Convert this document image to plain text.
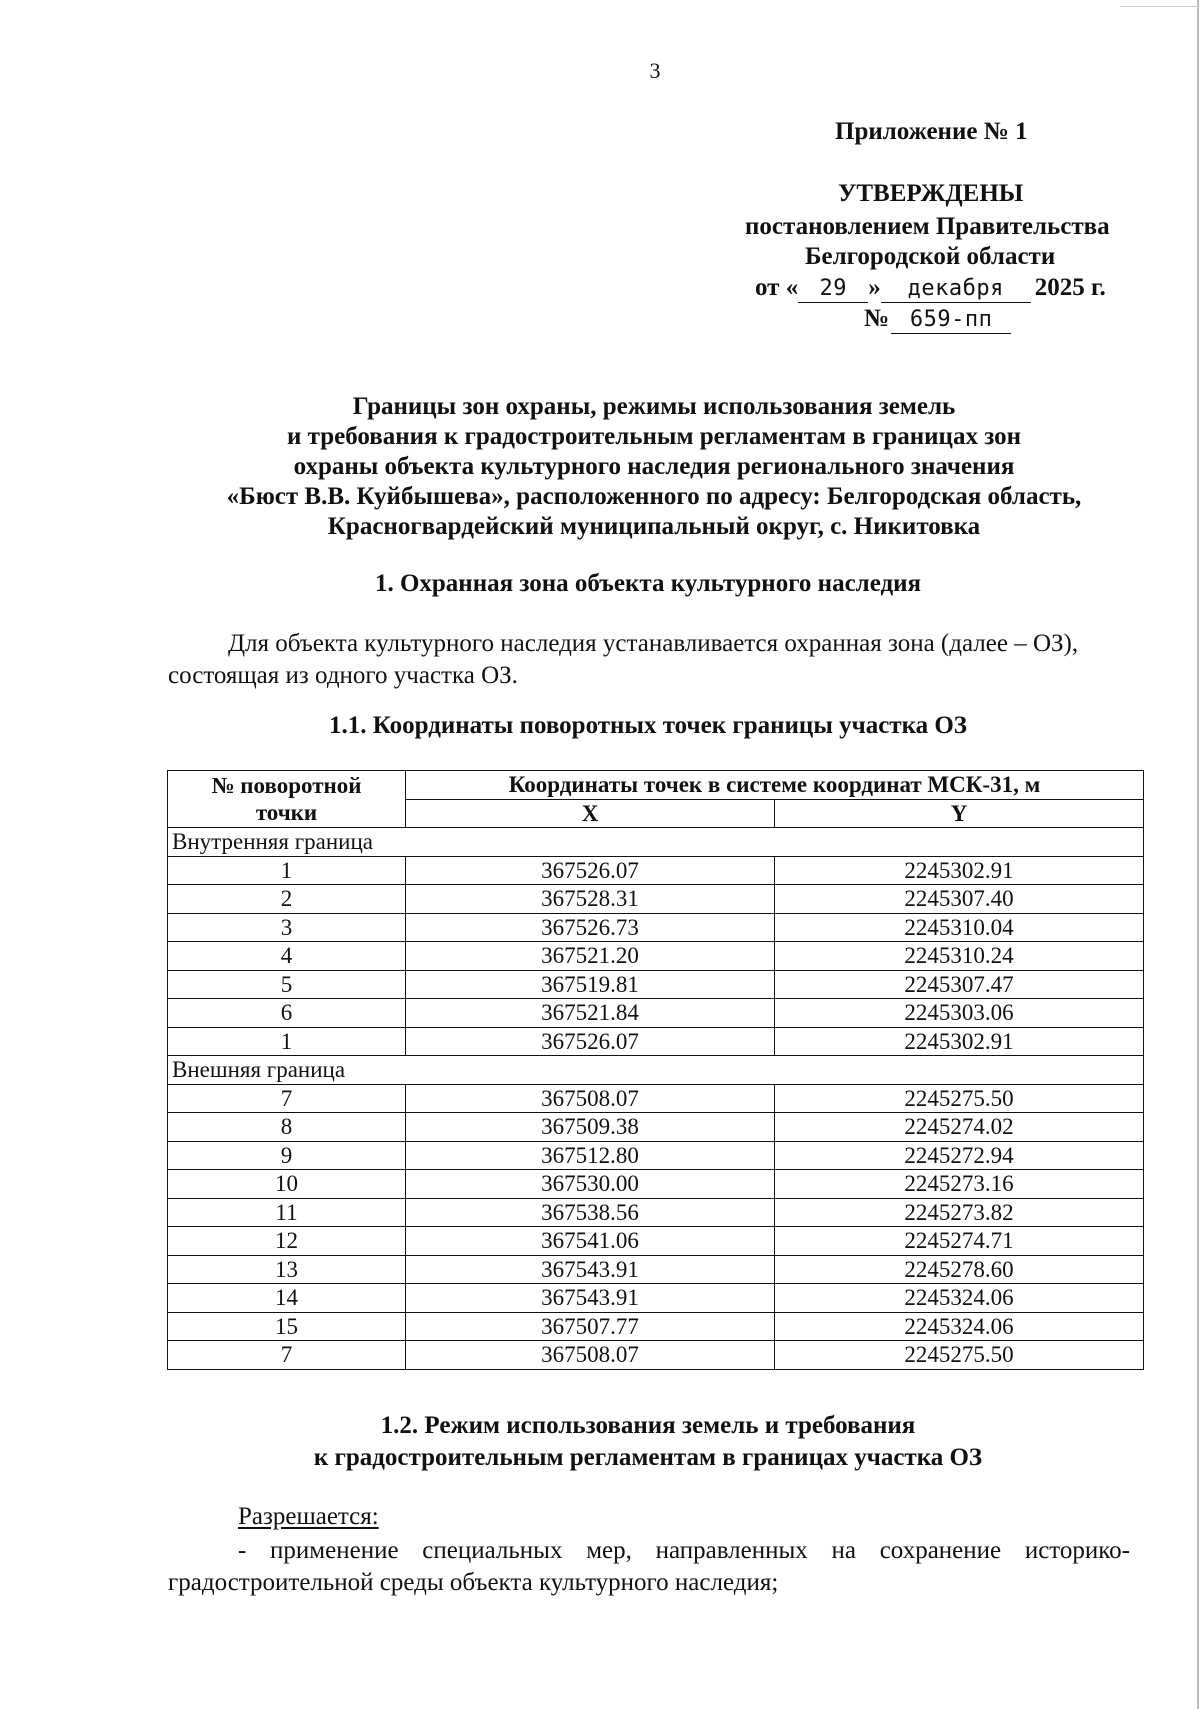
3
Приложение № 1
УТВЕРЖДЕНЫ
постановлением Правительства
Белгородской области
от « 29 » декабря 2025 г.
№ 659-пп
Границы зон охраны, режимы использования земель
и требования к градостроительным регламентам в границах зон
охраны объекта культурного наследия регионального значения
«Бюст В.В. Куйбышева», расположенного по адресу: Белгородская область,
Красногвардейский муниципальный округ, с. Никитовка
1. Охранная зона объекта культурного наследия
Для объекта культурного наследия устанавливается охранная зона (далее – ОЗ),
состоящая из одного участка ОЗ.
1.1. Координаты поворотных точек границы участка ОЗ
№ поворотной
точки	Координаты точек в системе координат МСК-31, м	
	X	Y
Внутренняя граница		
1	367526.07	2245302.91
2	367528.31	2245307.40
3	367526.73	2245310.04
4	367521.20	2245310.24
5	367519.81	2245307.47
6	367521.84	2245303.06
1	367526.07	2245302.91
Внешняя граница		
7	367508.07	2245275.50
8	367509.38	2245274.02
9	367512.80	2245272.94
10	367530.00	2245273.16
11	367538.56	2245273.82
12	367541.06	2245274.71
13	367543.91	2245278.60
14	367543.91	2245324.06
15	367507.77	2245324.06
7	367508.07	2245275.50
1.2. Режим использования земель и требования
к градостроительным регламентам в границах участка ОЗ
Разрешается:
- применение специальных мер, направленных на сохранение историко-
градостроительной среды объекта культурного наследия;
